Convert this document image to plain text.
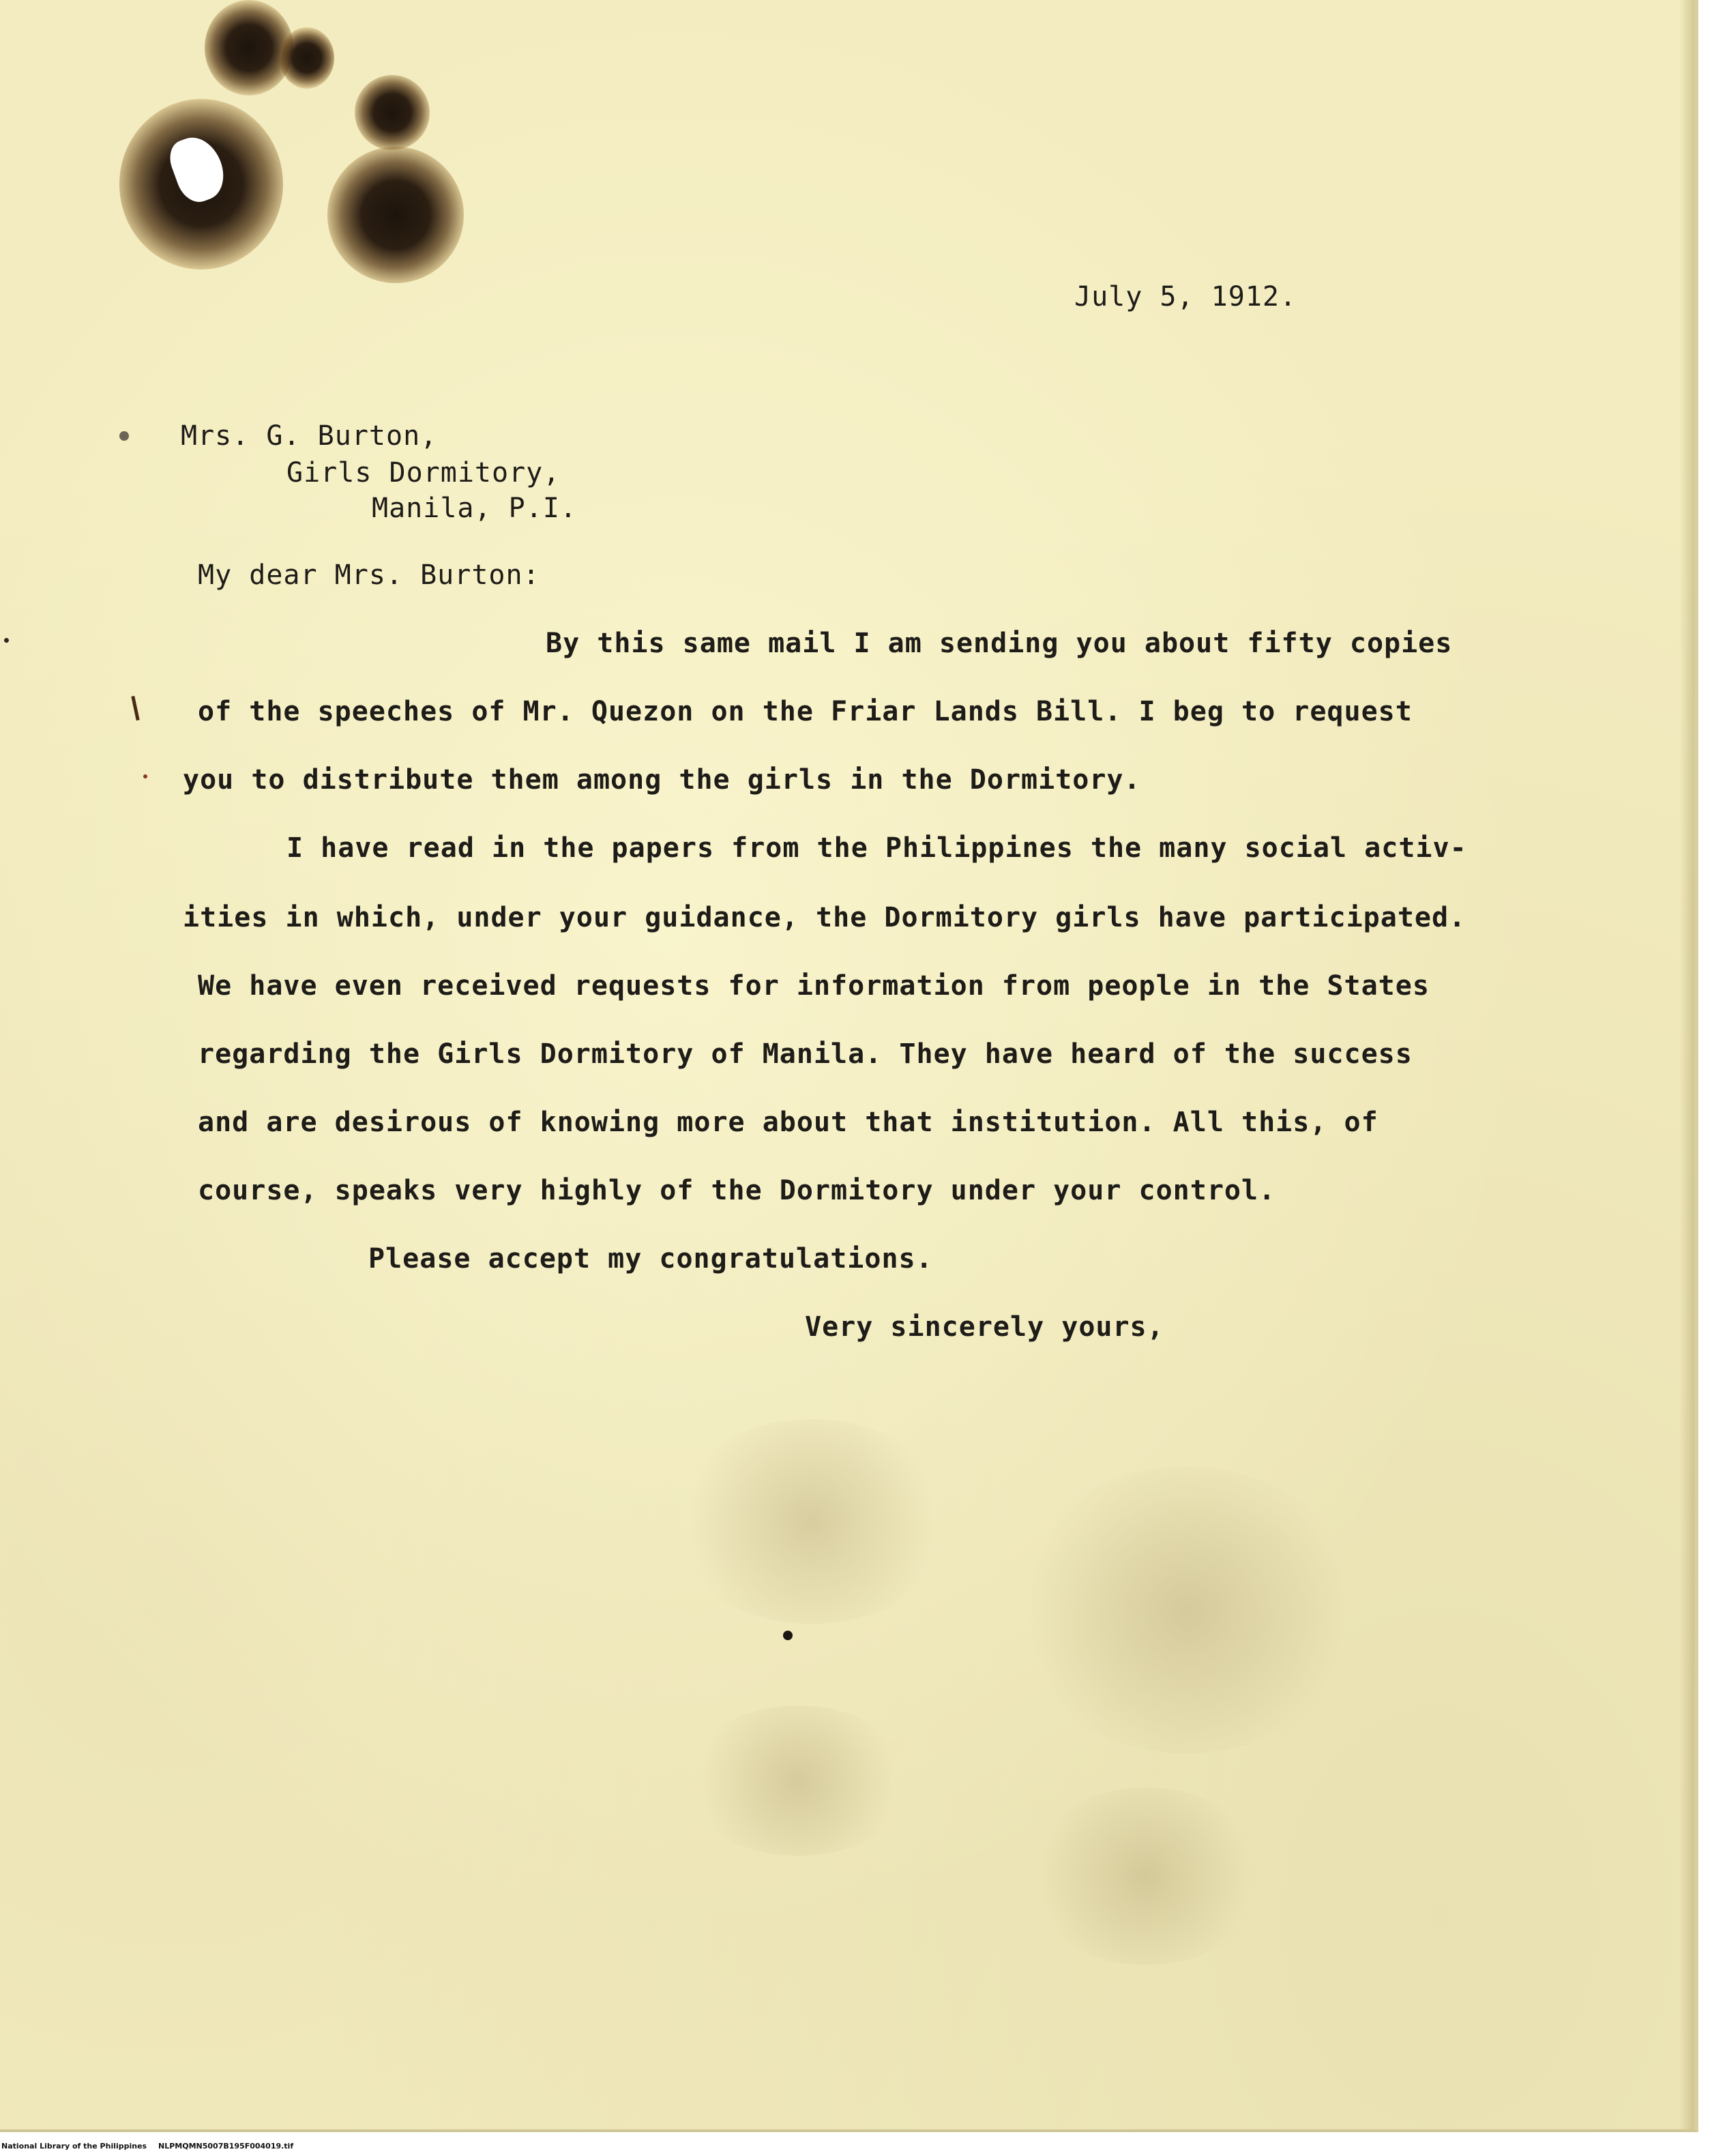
July 5, 1912.
Mrs. G. Burton,
Girls Dormitory,
Manila, P.I.
My dear Mrs. Burton:
By this same mail I am sending you about fifty copies
of the speeches of Mr. Quezon on the Friar Lands Bill. I beg to request
you to distribute them among the girls in the Dormitory.
I have read in the papers from the Philippines the many social activ-
ities in which, under your guidance, the Dormitory girls have participated.
We have even received requests for information from people in the States
regarding the Girls Dormitory of Manila. They have heard of the success
and are desirous of knowing more about that institution. All this, of
course, speaks very highly of the Dormitory under your control.
Please accept my congratulations.
Very sincerely yours,
National Library of the Philippines NLPMQMN5007B195F004019.tif
